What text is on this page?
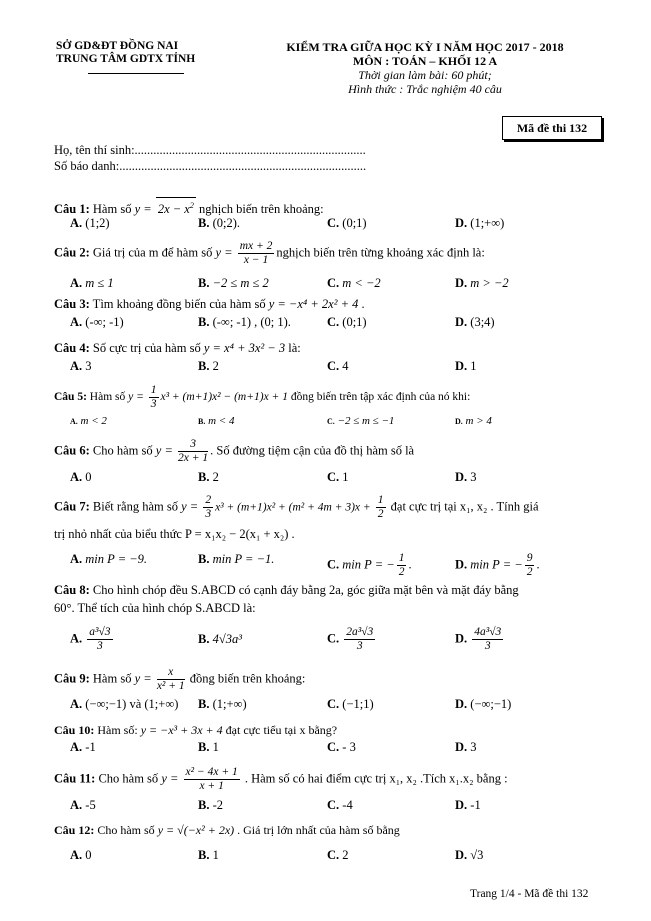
SỞ GD&ĐT ĐỒNG NAI
TRUNG TÂM GDTX TỈNH
KIỂM TRA GIỮA HỌC KỲ I NĂM HỌC 2017 - 2018
MÔN : TOÁN – KHỐI 12 A
Thời gian làm bài: 60 phút;
Hình thức : Trắc nghiệm 40 câu
Mã đề thi 132
Họ, tên thí sinh:..........................................................................
Số báo danh:...............................................................................
Câu 1: Hàm số $y = 2x - x^2$ nghịch biến trên khoảng:
A. (1;2)	B. (0;2).	C. (0;1)	D. (1;+∞)
Câu 2: Giá trị của m để hàm số $y = \frac{mx + 2}{x - 1}$ nghịch biến trên từng khoảng xác định là:
A. m ≤ 1	B. −2 ≤ m ≤ 2	C. m < −2	D. m > −2
Câu 3: Tìm khoảng đồng biến của hàm số y = −x⁴ + 2x² + 4 .
A. (-∞; -1)	B. (-∞; -1) , (0; 1).	C. (0;1)	D. (3;4)
Câu 4: Số cực trị của hàm số y = x⁴ + 3x² − 3 là:
A. 3	B. 2	C. 4	D. 1
Câu 5: Hàm số $y = \frac{1}{3} x^3 + (m+1)x^2 - (m+1)x + 1$ đồng biến trên tập xác định của nó khi:
A. m < 2	B. m < 4	C. −2 ≤ m ≤ −1	D. m > 4
Câu 6: Cho hàm số $y = \frac{3}{2x + 1}$ . Số đường tiệm cận của đồ thị hàm số là
A. 0	B. 2	C. 1	D. 3
Câu 7: Biết rằng hàm số $y = \frac{2}{3} x^3 + (m+1)x^2 + (m^2 + 4m + 3)x + \frac{1}{2}$ đạt cực trị tại x₁, x₂ . Tính giá
trị nhỏ nhất của biểu thức P = x₁x₂ − 2(x₁ + x₂) .
A. min P = −9.	B. min P = −1.	C. min P = − $\frac{1}{2}$ .	D. min P = − $\frac{9}{2}$ .
Câu 8: Cho hình chóp đều S.ABCD có cạnh đáy bằng 2a, góc giữa mặt bên và mặt đáy bằng
60°. Thể tích của hình chóp S.ABCD là:
A. $\frac{\text{a³√3}}{3}$	B. 4√3a³	C. $\frac{\text{2a³√3}}{3}$	D. $\frac{\text{4a³√3}}{3}$
Câu 9: Hàm số $y = \frac{x}{\text{x² + 1}}$ đồng biến trên khoảng:
A. (−∞;−1) và (1;+∞) B. (1;+∞)	C. (−1;1)	D. (−∞;−1)
Câu 10: Hàm số: y = −x³ + 3x + 4 đạt cực tiểu tại x bằng?
A. -1	B. 1	C. - 3	D. 3
Câu 11: Cho hàm số $y = \frac{\text{x² − 4x + 1}}{x + 1}$ . Hàm số có hai điểm cực trị x₁, x₂ .Tích x₁.x₂ bằng :
A. -5	B. -2	C. -4	D. -1
Câu 12: Cho hàm số y = √(−x² + 2x) . Giá trị lớn nhất của hàm số bằng
A. 0	B. 1	C. 2	D. √3
Trang 1/4 - Mã đề thi 132
